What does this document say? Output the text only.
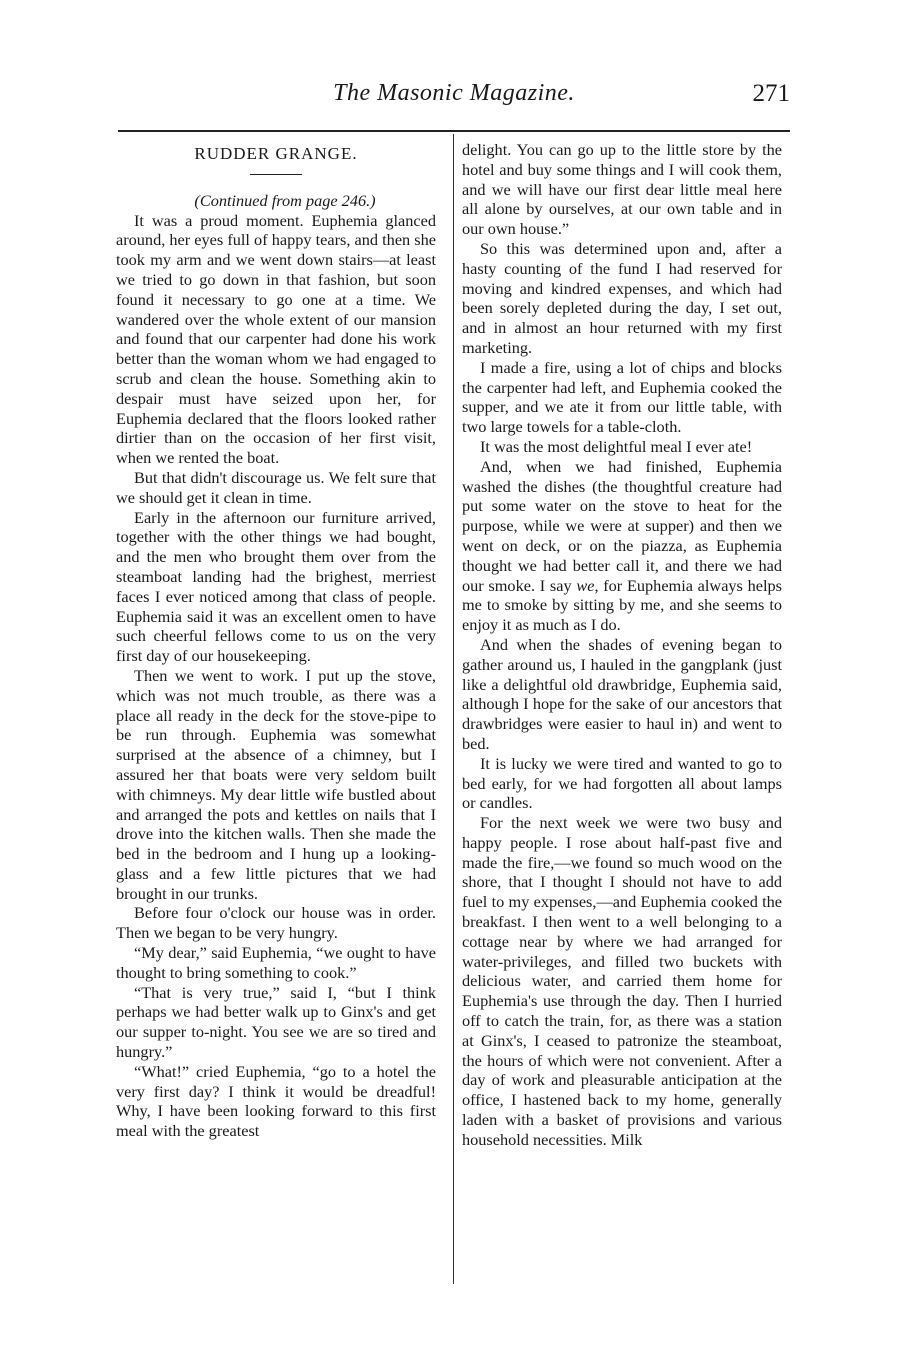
The Masonic Magazine.	271
RUDDER GRANGE.

(Continued from page 246.)

It was a proud moment. Euphemia glanced around, her eyes full of happy tears, and then she took my arm and we went down stairs—at least we tried to go down in that fashion, but soon found it necessary to go one at a time. We wandered over the whole extent of our mansion and found that our carpenter had done his work better than the woman whom we had engaged to scrub and clean the house. Something akin to despair must have seized upon her, for Euphemia declared that the floors looked rather dirtier than on the occasion of her first visit, when we rented the boat.

But that didn't discourage us. We felt sure that we should get it clean in time.

Early in the afternoon our furniture arrived, together with the other things we had bought, and the men who brought them over from the steamboat landing had the brighest, merriest faces I ever noticed among that class of people. Euphemia said it was an excellent omen to have such cheerful fellows come to us on the very first day of our housekeeping.

Then we went to work. I put up the stove, which was not much trouble, as there was a place all ready in the deck for the stove-pipe to be run through. Euphemia was somewhat surprised at the absence of a chimney, but I assured her that boats were very seldom built with chimneys. My dear little wife bustled about and arranged the pots and kettles on nails that I drove into the kitchen walls. Then she made the bed in the bedroom and I hung up a looking-glass and a few little pictures that we had brought in our trunks.

Before four o'clock our house was in order. Then we began to be very hungry.

“My dear,” said Euphemia, “we ought to have thought to bring something to cook.”

“That is very true,” said I, “but I think perhaps we had better walk up to Ginx's and get our supper to-night. You see we are so tired and hungry.”

“What!” cried Euphemia, “go to a hotel the very first day? I think it would be dreadful! Why, I have been looking forward to this first meal with the greatest

delight. You can go up to the little store by the hotel and buy some things and I will cook them, and we will have our first dear little meal here all alone by ourselves, at our own table and in our own house.”

So this was determined upon and, after a hasty counting of the fund I had reserved for moving and kindred expenses, and which had been sorely depleted during the day, I set out, and in almost an hour returned with my first marketing.

I made a fire, using a lot of chips and blocks the carpenter had left, and Euphemia cooked the supper, and we ate it from our little table, with two large towels for a table-cloth.

It was the most delightful meal I ever ate!

And, when we had finished, Euphemia washed the dishes (the thoughtful creature had put some water on the stove to heat for the purpose, while we were at supper) and then we went on deck, or on the piazza, as Euphemia thought we had better call it, and there we had our smoke. I say we, for Euphemia always helps me to smoke by sitting by me, and she seems to enjoy it as much as I do.

And when the shades of evening began to gather around us, I hauled in the gangplank (just like a delightful old drawbridge, Euphemia said, although I hope for the sake of our ancestors that drawbridges were easier to haul in) and went to bed.

It is lucky we were tired and wanted to go to bed early, for we had forgotten all about lamps or candles.

For the next week we were two busy and happy people. I rose about half-past five and made the fire,—we found so much wood on the shore, that I thought I should not have to add fuel to my expenses,—and Euphemia cooked the breakfast. I then went to a well belonging to a cottage near by where we had arranged for water-privileges, and filled two buckets with delicious water, and carried them home for Euphemia's use through the day. Then I hurried off to catch the train, for, as there was a station at Ginx's, I ceased to patronize the steamboat, the hours of which were not convenient. After a day of work and pleasurable anticipation at the office, I hastened back to my home, generally laden with a basket of provisions and various household necessities. Milk
